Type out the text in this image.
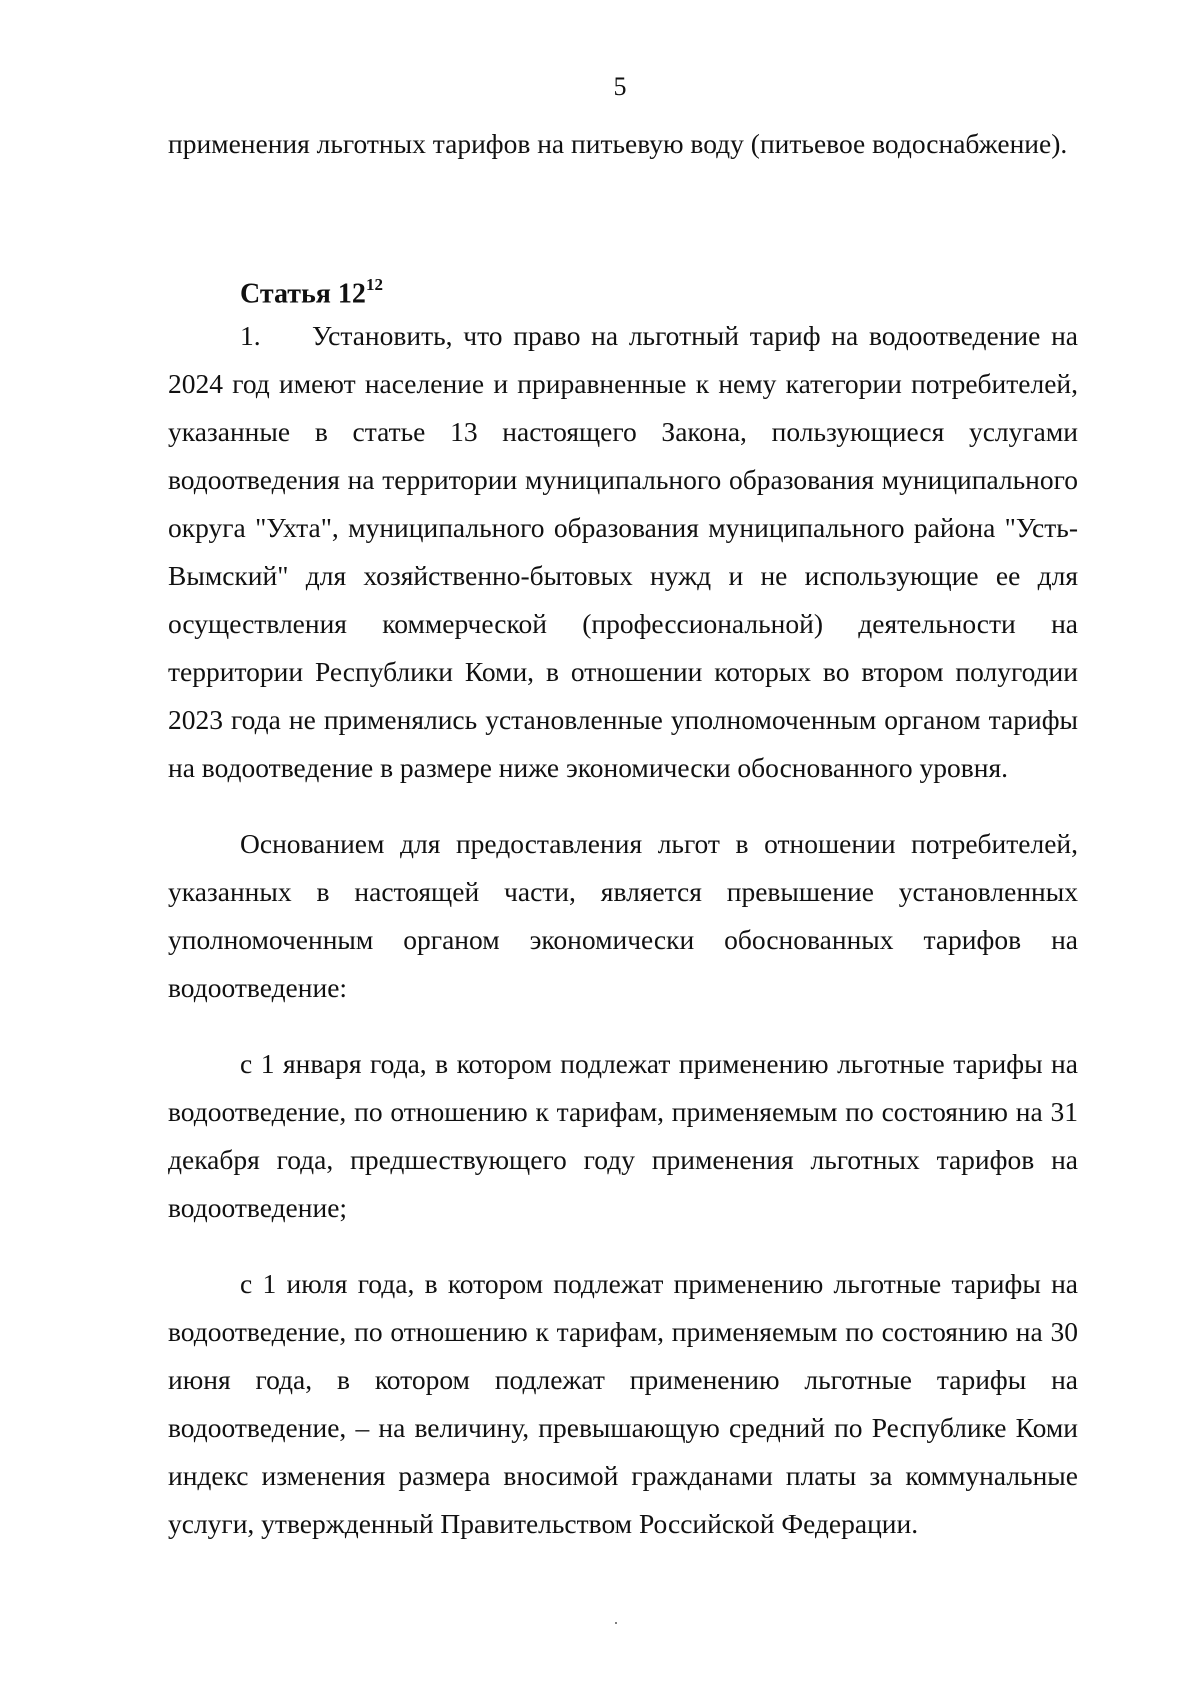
5

применения льготных тарифов на питьевую воду (питьевое водоснабжение).

Статья $12^{12}$

1. Установить, что право на льготный тариф на водоотведение на 2024 год имеют население и приравненные к нему категории потребителей, указанные в статье 13 настоящего Закона, пользующиеся услугами водоотведения на территории муниципального образования муниципального округа "Ухта", муниципального образования муниципального района "Усть-Вымский" для хозяйственно-бытовых нужд и не использующие ее для осуществления коммерческой (профессиональной) деятельности на территории Республики Коми, в отношении которых во втором полугодии 2023 года не применялись установленные уполномоченным органом тарифы на водоотведение в размере ниже экономически обоснованного уровня.

Основанием для предоставления льгот в отношении потребителей, указанных в настоящей части, является превышение установленных уполномоченным органом экономически обоснованных тарифов на водоотведение:

с 1 января года, в котором подлежат применению льготные тарифы на водоотведение, по отношению к тарифам, применяемым по состоянию на 31 декабря года, предшествующего году применения льготных тарифов на водоотведение;

с 1 июля года, в котором подлежат применению льготные тарифы на водоотведение, по отношению к тарифам, применяемым по состоянию на 30 июня года, в котором подлежат применению льготные тарифы на водоотведение, – на величину, превышающую средний по Республике Коми индекс изменения размера вносимой гражданами платы за коммунальные услуги, утвержденный Правительством Российской Федерации.
